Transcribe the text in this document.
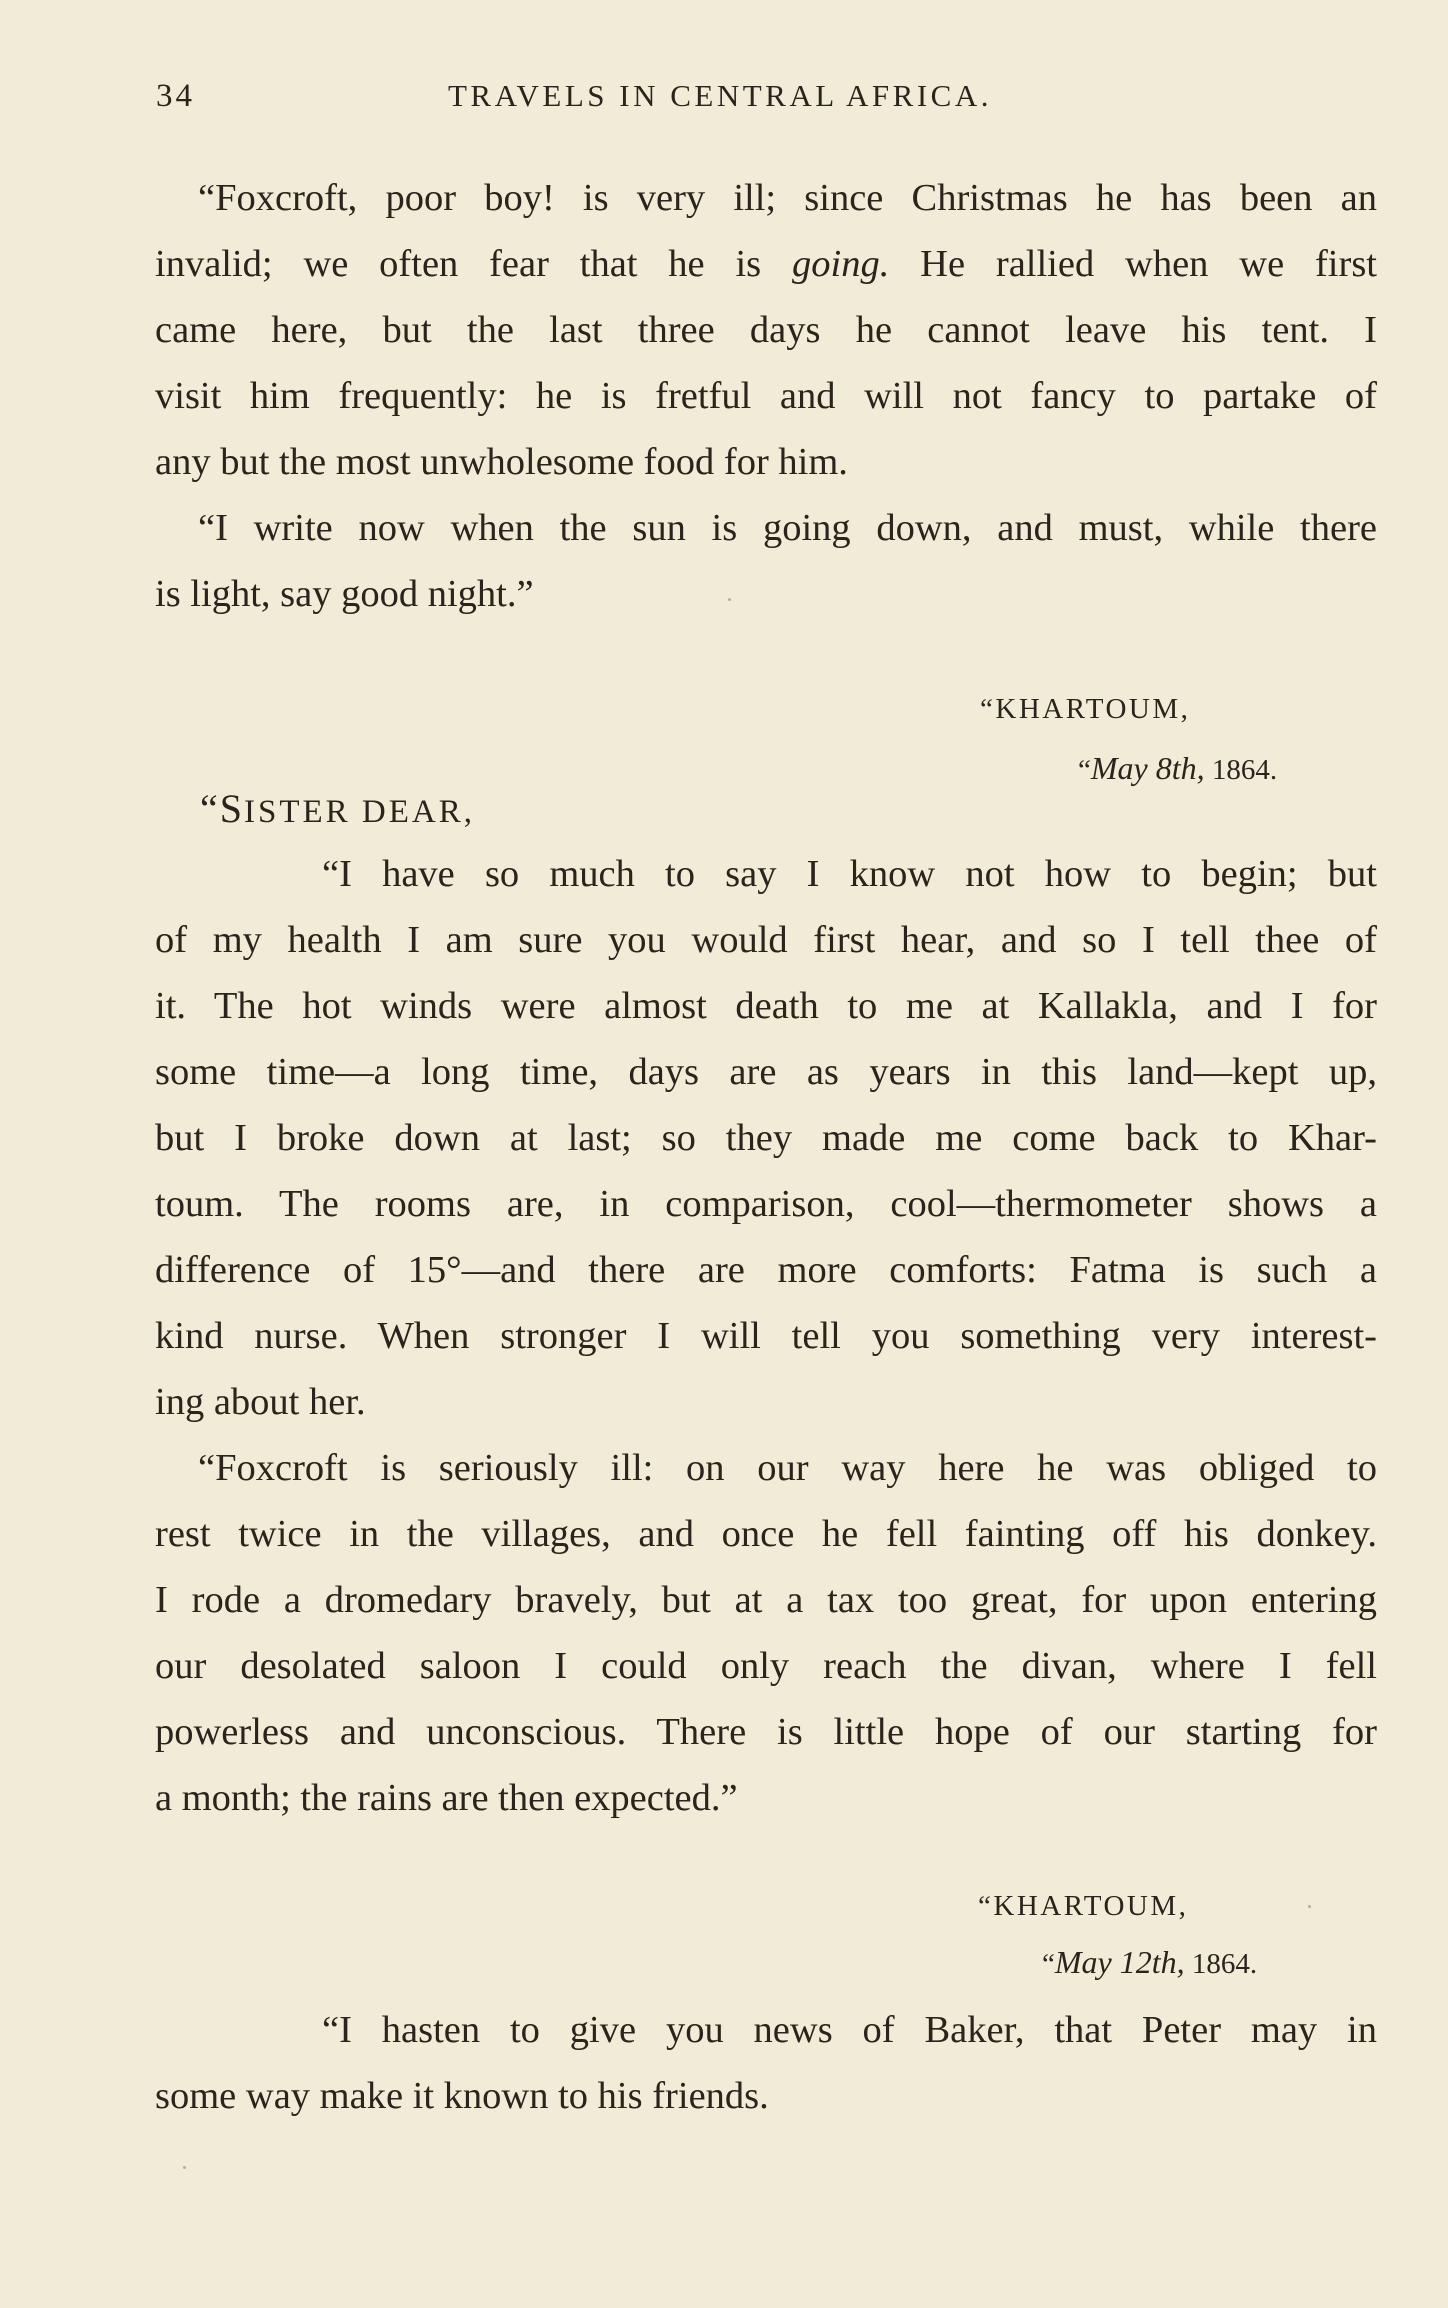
34	TRAVELS IN CENTRAL AFRICA.
“Foxcroft, poor boy! is very ill; since Christmas he has been an
invalid; we often fear that he is going. He rallied when we first
came here, but the last three days he cannot leave his tent. I
visit him frequently: he is fretful and will not fancy to partake of
any but the most unwholesome food for him.
“I write now when the sun is going down, and must, while there
is light, say good night.”
“KHARTOUM,
“May 8th, 1864.
“SISTER DEAR,
“I have so much to say I know not how to begin; but
of my health I am sure you would first hear, and so I tell thee of
it. The hot winds were almost death to me at Kallakla, and I for
some time—a long time, days are as years in this land—kept up,
but I broke down at last; so they made me come back to Khar-
toum. The rooms are, in comparison, cool—thermometer shows a
difference of 15°—and there are more comforts: Fatma is such a
kind nurse. When stronger I will tell you something very interest-
ing about her.
“Foxcroft is seriously ill: on our way here he was obliged to
rest twice in the villages, and once he fell fainting off his donkey.
I rode a dromedary bravely, but at a tax too great, for upon entering
our desolated saloon I could only reach the divan, where I fell
powerless and unconscious. There is little hope of our starting for
a month; the rains are then expected.”
“KHARTOUM,
“May 12th, 1864.
“I hasten to give you news of Baker, that Peter may in
some way make it known to his friends.
